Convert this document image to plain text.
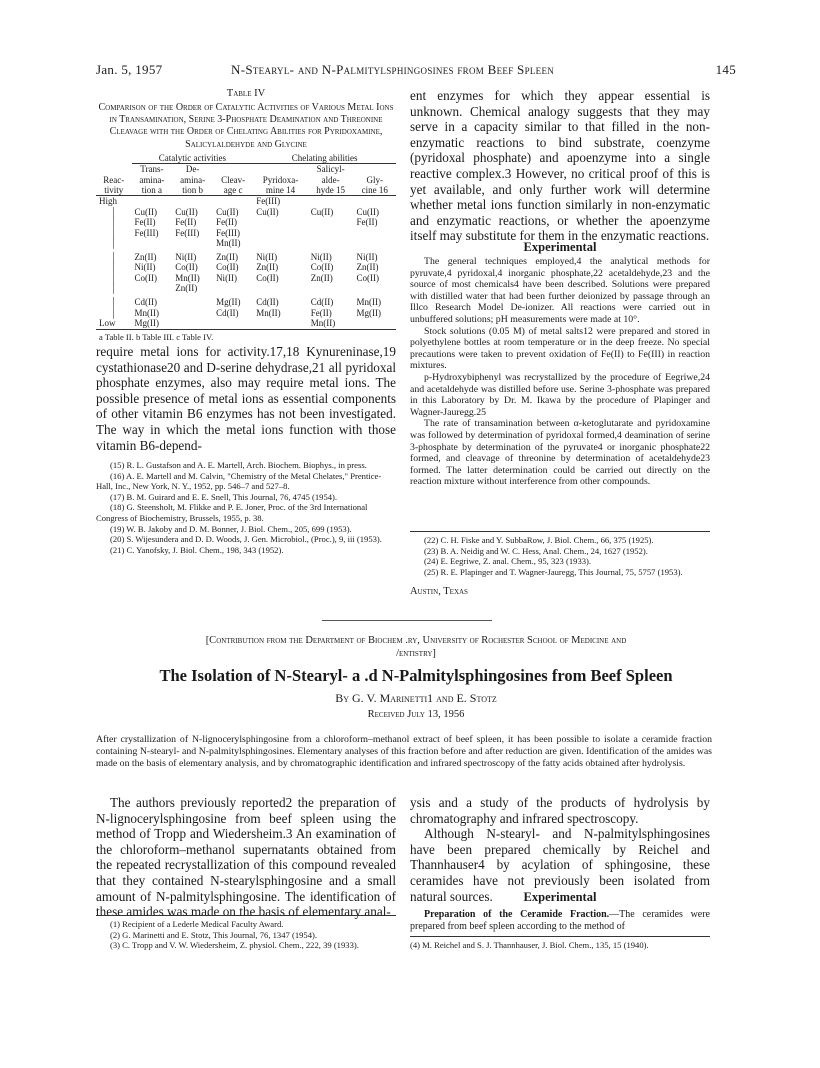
Jan. 5, 1957	N-Stearyl- and N-Palmitylsphingosines from Beef Spleen	145
Table IV
Comparison of the Order of Catalytic Activities of Various Metal Ions in Transamination, Serine 3-Phosphate Deamination and Threonine Cleavage with the Order of Chelating Abilities for Pyridoxamine, Salicylaldehyde and Glycine
	Catalytic activities			Chelating abilities		
Reac-
tivity	Trans-
amina-
tion a	De-
amina-
tion b	Cleav-
age c	Pyridoxa-
mine 14	Salicyl-
alde-
hyde 15	Gly-
cine 16
High				Fe(III)		
│	Cu(II)	Cu(II)	Cu(II)	Cu(II)	Cu(II)	Cu(II)
│	Fe(II)	Fe(II)	Fe(II)			Fe(II)
│	Fe(III)	Fe(III)	Fe(III)			
│			Mn(II)			
│	Zn(II)	Ni(II)	Zn(II)	Ni(II)	Ni(II)	Ni(II)
│	Ni(II)	Co(II)	Co(II)	Zn(II)	Co(II)	Zn(II)
│	Co(II)	Mn(II)	Ni(II)	Co(II)	Zn(II)	Co(II)
│		Zn(II)				
│	Cd(II)		Mg(II)	Cd(II)	Cd(II)	Mn(II)
│	Mn(II)		Cd(II)	Mn(II)	Fe(II)	Mg(II)
Low	Mg(II)				Mn(II)	
a Table II. b Table III. c Table IV.						

require metal ions for activity.17,18 Kynureninase,19 cystathionase20 and D-serine dehydrase,21 all pyridoxal phosphate enzymes, also may require metal ions. The possible presence of metal ions as essential components of other vitamin B6 enzymes has not been investigated. The way in which the metal ions function with those vitamin B6-depend-

(15) R. L. Gustafson and A. E. Martell, Arch. Biochem. Biophys., in press.
(16) A. E. Martell and M. Calvin, "Chemistry of the Metal Chelates," Prentice-Hall, Inc., New York, N. Y., 1952, pp. 546–7 and 527–8.
(17) B. M. Guirard and E. E. Snell, This Journal, 76, 4745 (1954).
(18) G. Steensholt, M. Flikke and P. E. Joner, Proc. of the 3rd International Congress of Biochemistry, Brussels, 1955, p. 38.
(19) W. B. Jakoby and D. M. Bonner, J. Biol. Chem., 205, 699 (1953).
(20) S. Wijesundera and D. D. Woods, J. Gen. Microbiol., (Proc.), 9, iii (1953).
(21) C. Yanofsky, J. Biol. Chem., 198, 343 (1952).

ent enzymes for which they appear essential is unknown. Chemical analogy suggests that they may serve in a capacity similar to that filled in the non-enzymatic reactions to bind substrate, coenzyme (pyridoxal phosphate) and apoenzyme into a single reactive complex.3 However, no critical proof of this is yet available, and only further work will determine whether metal ions function similarly in non-enzymatic and enzymatic reactions, or whether the apoenzyme itself may substitute for them in the enzymatic reactions.

Experimental
The general techniques employed,4 the analytical methods for pyruvate,4 pyridoxal,4 inorganic phosphate,22 acetaldehyde,23 and the source of most chemicals4 have been described. Solutions were prepared with distilled water that had been further deionized by passage through an Illco Research Model De-ionizer. All reactions were carried out in unbuffered solutions; pH measurements were made at 10°.
Stock solutions (0.05 M) of metal salts12 were prepared and stored in polyethylene bottles at room temperature or in the deep freeze. No special precautions were taken to prevent oxidation of Fe(II) to Fe(III) in reaction mixtures.
p-Hydroxybiphenyl was recrystallized by the procedure of Eegriwe,24 and acetaldehyde was distilled before use. Serine 3-phosphate was prepared in this Laboratory by Dr. M. Ikawa by the procedure of Plapinger and Wagner-Jauregg.25
The rate of transamination between α-ketoglutarate and pyridoxamine was followed by determination of pyridoxal formed,4 deamination of serine 3-phosphate by determination of the pyruvate4 or inorganic phosphate22 formed, and cleavage of threonine by determination of acetaldehyde23 formed. The latter determination could be carried out directly on the reaction mixture without interference from other compounds.
(22) C. H. Fiske and Y. SubbaRow, J. Biol. Chem., 66, 375 (1925).
(23) B. A. Neidig and W. C. Hess, Anal. Chem., 24, 1627 (1952).
(24) E. Eegriwe, Z. anal. Chem., 95, 323 (1933).
(25) R. E. Plapinger and T. Wagner-Jauregg, This Journal, 75, 5757 (1953).
Austin, Texas
[Contribution from the Department of Biochem .ry, University of Rochester School of Medicine and
/entistry]
The Isolation of N-Stearyl- a .d N-Palmitylsphingosines from Beef Spleen
By G. V. Marinetti1 and E. Stotz
Received July 13, 1956
After crystallization of N-lignocerylsphingosine from a chloroform–methanol extract of beef spleen, it has been possible to isolate a ceramide fraction containing N-stearyl- and N-palmitylsphingosines. Elementary analyses of this fraction before and after reduction are given. Identification of the amides was made on the basis of elementary analysis, and by chromatographic identification and infrared spectroscopy of the fatty acids obtained after hydrolysis.
The authors previously reported2 the preparation of N-lignocerylsphingosine from beef spleen using the method of Tropp and Wiedersheim.3 An examination of the chloroform–methanol supernatants obtained from the repeated recrystallization of this compound revealed that they contained N-stearylsphingosine and a small amount of N-palmitylsphingosine. The identification of these amides was made on the basis of elementary anal-
(1) Recipient of a Lederle Medical Faculty Award.
(2) G. Marinetti and E. Stotz, This Journal, 76, 1347 (1954).
(3) C. Tropp and V. W. Wiedersheim, Z. physiol. Chem., 222, 39 (1933).

ysis and a study of the products of hydrolysis by chromatography and infrared spectroscopy.

Although N-stearyl- and N-palmitylsphingosines have been prepared chemically by Reichel and Thannhauser4 by acylation of sphingosine, these ceramides have not previously been isolated from natural sources.	Experimental
Preparation of the Ceramide Fraction.—The ceramides were prepared from beef spleen according to the method of
(4) M. Reichel and S. J. Thannhauser, J. Biol. Chem., 135, 15 (1940).
